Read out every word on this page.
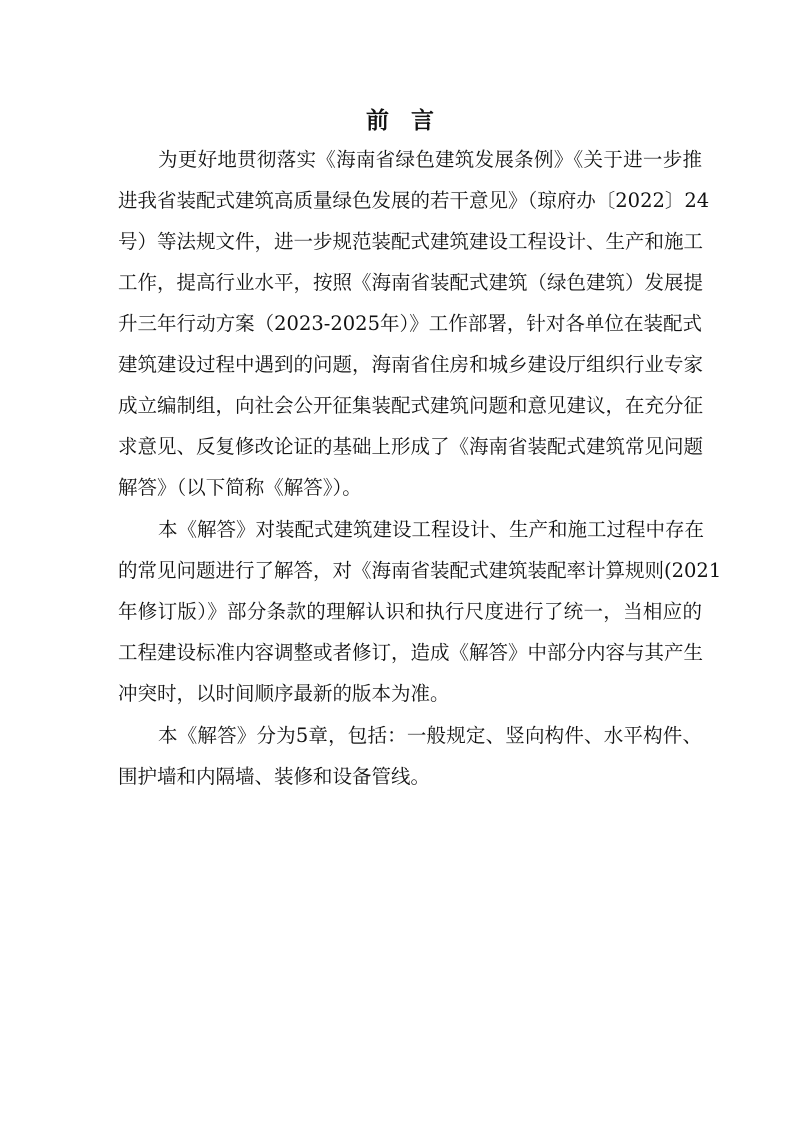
前言
为更好地贯彻落实《海南省绿色建筑发展条例》《关于进一步推
进我省装配式建筑高质量绿色发展的若干意见》（琼府办〔2022〕24
号）等法规文件，进一步规范装配式建筑建设工程设计、生产和施工
工作，提高行业水平，按照《海南省装配式建筑（绿色建筑）发展提
升三年行动方案（2023-2025年）》工作部署，针对各单位在装配式
建筑建设过程中遇到的问题，海南省住房和城乡建设厅组织行业专家
成立编制组，向社会公开征集装配式建筑问题和意见建议，在充分征
求意见、反复修改论证的基础上形成了《海南省装配式建筑常见问题
解答》（以下简称《解答》）。
本《解答》对装配式建筑建设工程设计、生产和施工过程中存在
的常见问题进行了解答，对《海南省装配式建筑装配率计算规则(2021
年修订版）》部分条款的理解认识和执行尺度进行了统一，当相应的
工程建设标准内容调整或者修订，造成《解答》中部分内容与其产生
冲突时，以时间顺序最新的版本为准。
本《解答》分为5章，包括：一般规定、竖向构件、水平构件、
围护墙和内隔墙、装修和设备管线。
